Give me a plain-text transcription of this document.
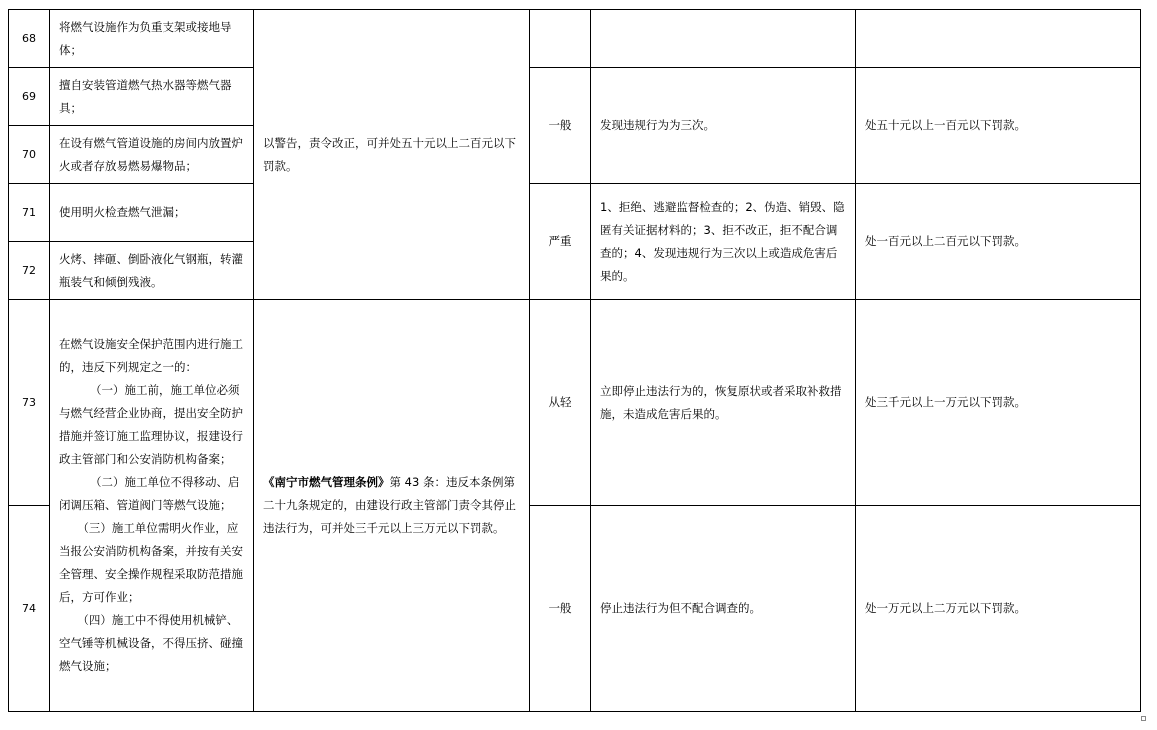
68	将燃气设施作为负重支架或接地导体；	以警告，责令改正，可并处五十元以上二百元以下罚款。			
69	擅自安装管道燃气热水器等燃气器具；		一般	发现违规行为为三次。	处五十元以上一百元以下罚款。
70	在设有燃气管道设施的房间内放置炉火或者存放易燃易爆物品；				
71	使用明火检查燃气泄漏；		严重	1、拒绝、逃避监督检查的；2、伪造、销毁、隐匿有关证据材料的；3、拒不改正，拒不配合调查的；4、发现违规行为三次以上或造成危害后果的。	处一百元以上二百元以下罚款。
72	火烤、摔砸、倒卧液化气钢瓶，转灌瓶装气和倾倒残液。				
73	在燃气设施安全保护范围内进行施工的，违反下列规定之一的：
（一）施工前，施工单位必须与燃气经营企业协商，提出安全防护措施并签订施工监理协议，报建设行政主管部门和公安消防机构备案；
（二）施工单位不得移动、启闭调压箱、管道阀门等燃气设施；
（三）施工单位需明火作业，应当报公安消防机构备案，并按有关安全管理、安全操作规程采取防范措施后，方可作业；
（四）施工中不得使用机械铲、空气锤等机械设备，不得压挤、碰撞燃气设施；	《南宁市燃气管理条例》第 43 条：违反本条例第二十九条规定的，由建设行政主管部门责令其停止违法行为，可并处三千元以上三万元以下罚款。	从轻	立即停止违法行为的，恢复原状或者采取补救措施，未造成危害后果的。	处三千元以上一万元以下罚款。
74			一般	停止违法行为但不配合调查的。	处一万元以上二万元以下罚款。
